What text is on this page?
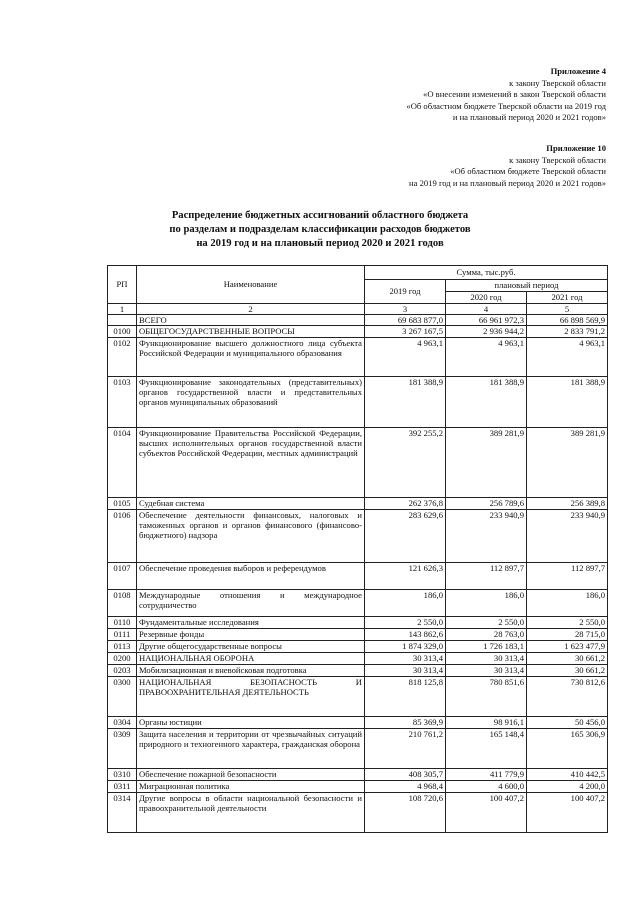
Приложение 4
к закону Тверской области
«О внесении изменений в закон Тверской области
«Об областном бюджете Тверской области на 2019 год
и на плановый период 2020 и 2021 годов»
Приложение 10
к закону Тверской области
«Об областном бюджете Тверской области
на 2019 год и на плановый период 2020 и 2021 годов»
Распределение бюджетных ассигнований областного бюджета
по разделам и подразделам классификации расходов бюджетов
на 2019 год и на плановый период 2020 и 2021 годов
РП	Наименование	Сумма, тыс.руб.		
		2019 год	плановый период	
			2020 год	2021 год
1	2	3	4	5
	ВСЕГО	69 683 877,0	66 961 972,3	66 898 569,9
0100	ОБЩЕГОСУДАРСТВЕННЫЕ ВОПРОСЫ	3 267 167,5	2 936 944,2	2 833 791,2
0102	Функционирование высшего должностного лица субъекта Российской Федерации и муниципального образования	4 963,1	4 963,1	4 963,1
0103	Функционирование законодательных (представительных) органов государственной власти и представительных органов муниципальных образований	181 388,9	181 388,9	181 388,9
0104	Функционирование Правительства Российской Федерации, высших исполнительных органов государственной власти субъектов Российской Федерации, местных администраций	392 255,2	389 281,9	389 281,9
0105	Судебная система	262 376,8	256 789,6	256 389,8
0106	Обеспечение деятельности финансовых, налоговых и таможенных органов и органов финансового (финансово-бюджетного) надзора	283 629,6	233 940,9	233 940,9
0107	Обеспечение проведения выборов и референдумов	121 626,3	112 897,7	112 897,7
0108	Международные отношения и международное сотрудничество	186,0	186,0	186,0
0110	Фундаментальные исследования	2 550,0	2 550,0	2 550,0
0111	Резервные фонды	143 862,6	28 763,0	28 715,0
0113	Другие общегосударственные вопросы	1 874 329,0	1 726 183,1	1 623 477,9
0200	НАЦИОНАЛЬНАЯ ОБОРОНА	30 313,4	30 313,4	30 661,2
0203	Мобилизационная и вневойсковая подготовка	30 313,4	30 313,4	30 661,2
0300	НАЦИОНАЛЬНАЯ БЕЗОПАСНОСТЬ И ПРАВООХРАНИТЕЛЬНАЯ ДЕЯТЕЛЬНОСТЬ	818 125,8	780 851,6	730 812,6
0304	Органы юстиции	85 369,9	98 916,1	50 456,0
0309	Защита населения и территории от чрезвычайных ситуаций природного и техногенного характера, гражданская оборона	210 761,2	165 148,4	165 306,9
0310	Обеспечение пожарной безопасности	408 305,7	411 779,9	410 442,5
0311	Миграционная политика	4 968,4	4 600,0	4 200,0
0314	Другие вопросы в области национальной безопасности и правоохранительной деятельности	108 720,6	100 407,2	100 407,2
